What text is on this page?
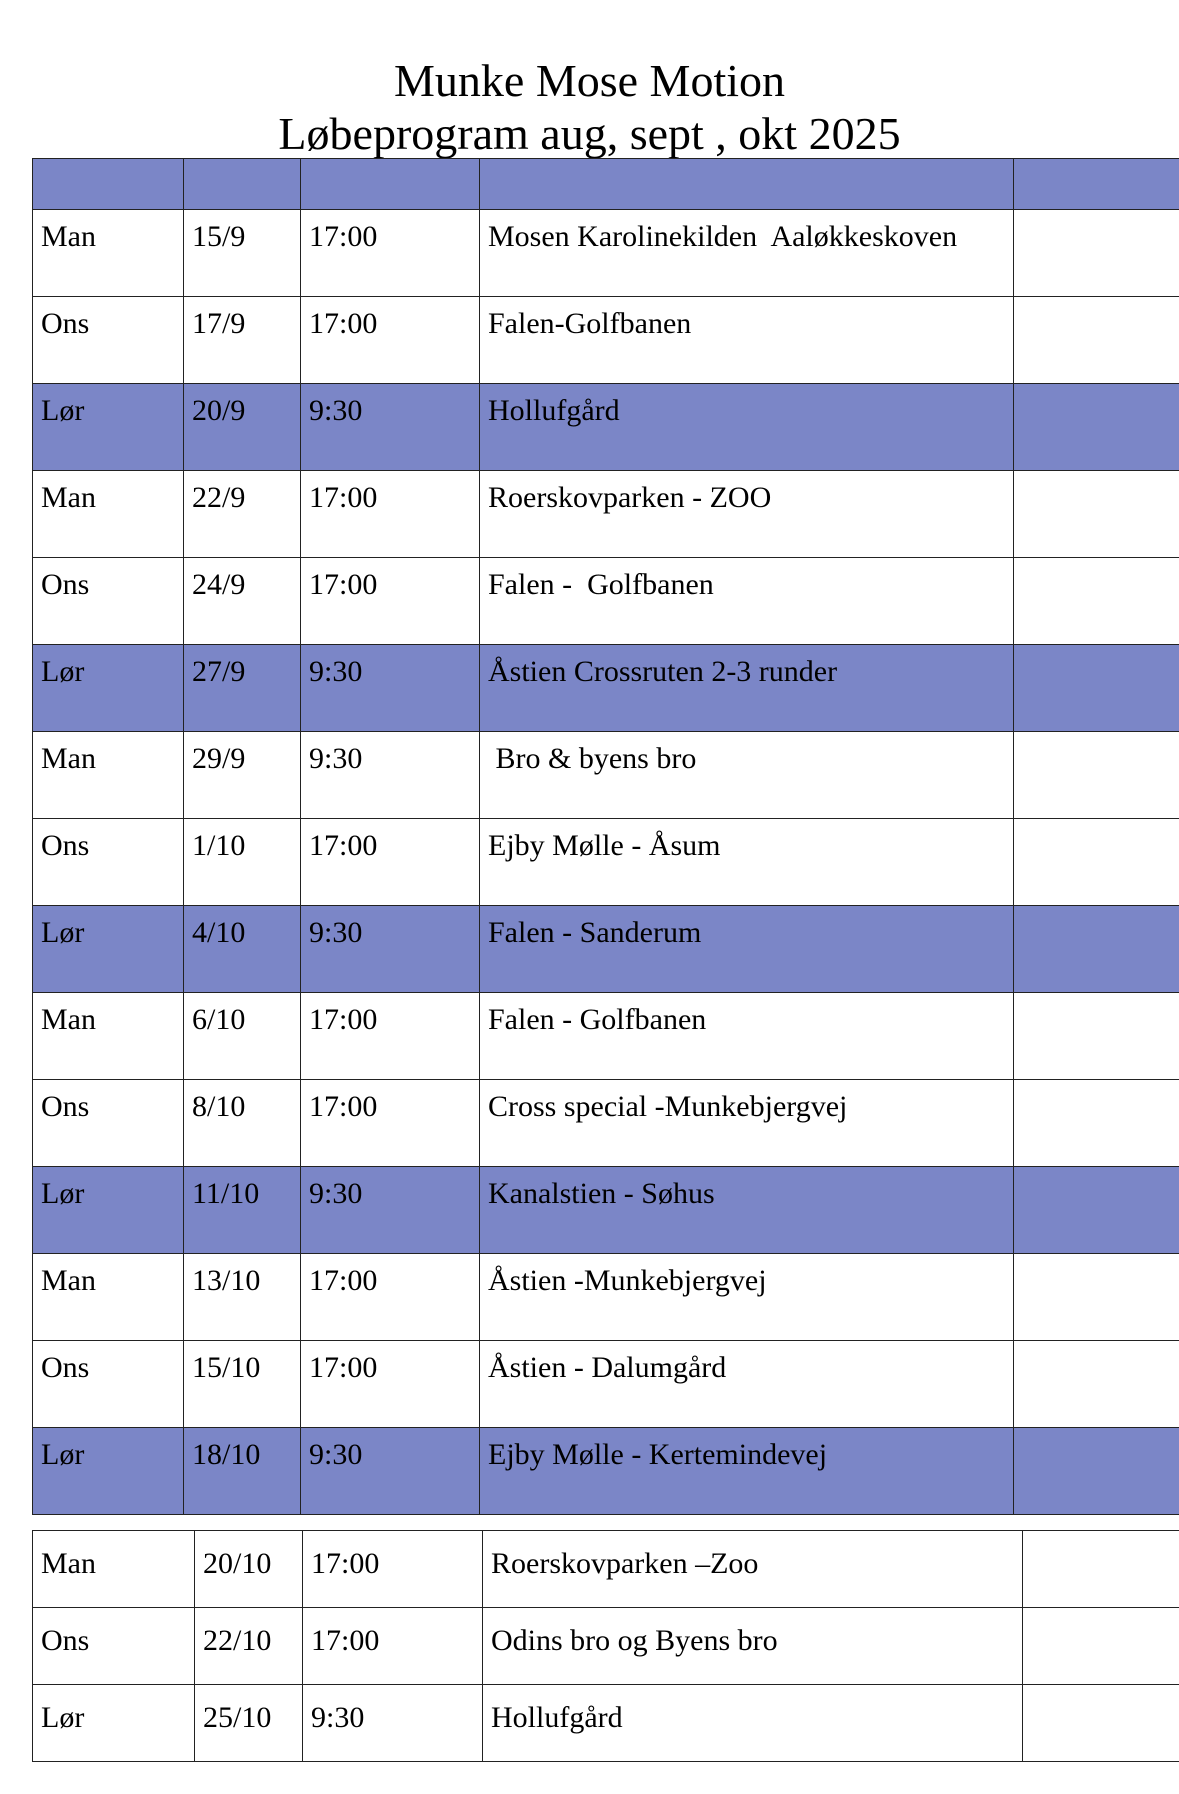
Munke Mose Motion
Løbeprogram aug, sept , okt 2025

Man	15/9	17:00	Mosen Karolinekilden  Aaløkkeskoven	
Ons	17/9	17:00	Falen-Golfbanen	
Lør	20/9	9:30	Hollufgård	
Man	22/9	17:00	Roerskovparken - ZOO	
Ons	24/9	17:00	Falen -  Golfbanen	
Lør	27/9	9:30	Åstien Crossruten 2-3 runder	
Man	29/9	9:30	Bro & byens bro	
Ons	1/10	17:00	Ejby Mølle - Åsum	
Lør	4/10	9:30	Falen - Sanderum	
Man	6/10	17:00	Falen - Golfbanen	
Ons	8/10	17:00	Cross special -Munkebjergvej	
Lør	11/10	9:30	Kanalstien - Søhus	
Man	13/10	17:00	Åstien -Munkebjergvej	
Ons	15/10	17:00	Åstien - Dalumgård	
Lør	18/10	9:30	Ejby Mølle - Kertemindevej	
Man	20/10	17:00	Roerskovparken –Zoo	
Ons	22/10	17:00	Odins bro og Byens bro	
Lør	25/10	9:30	Hollufgård	
